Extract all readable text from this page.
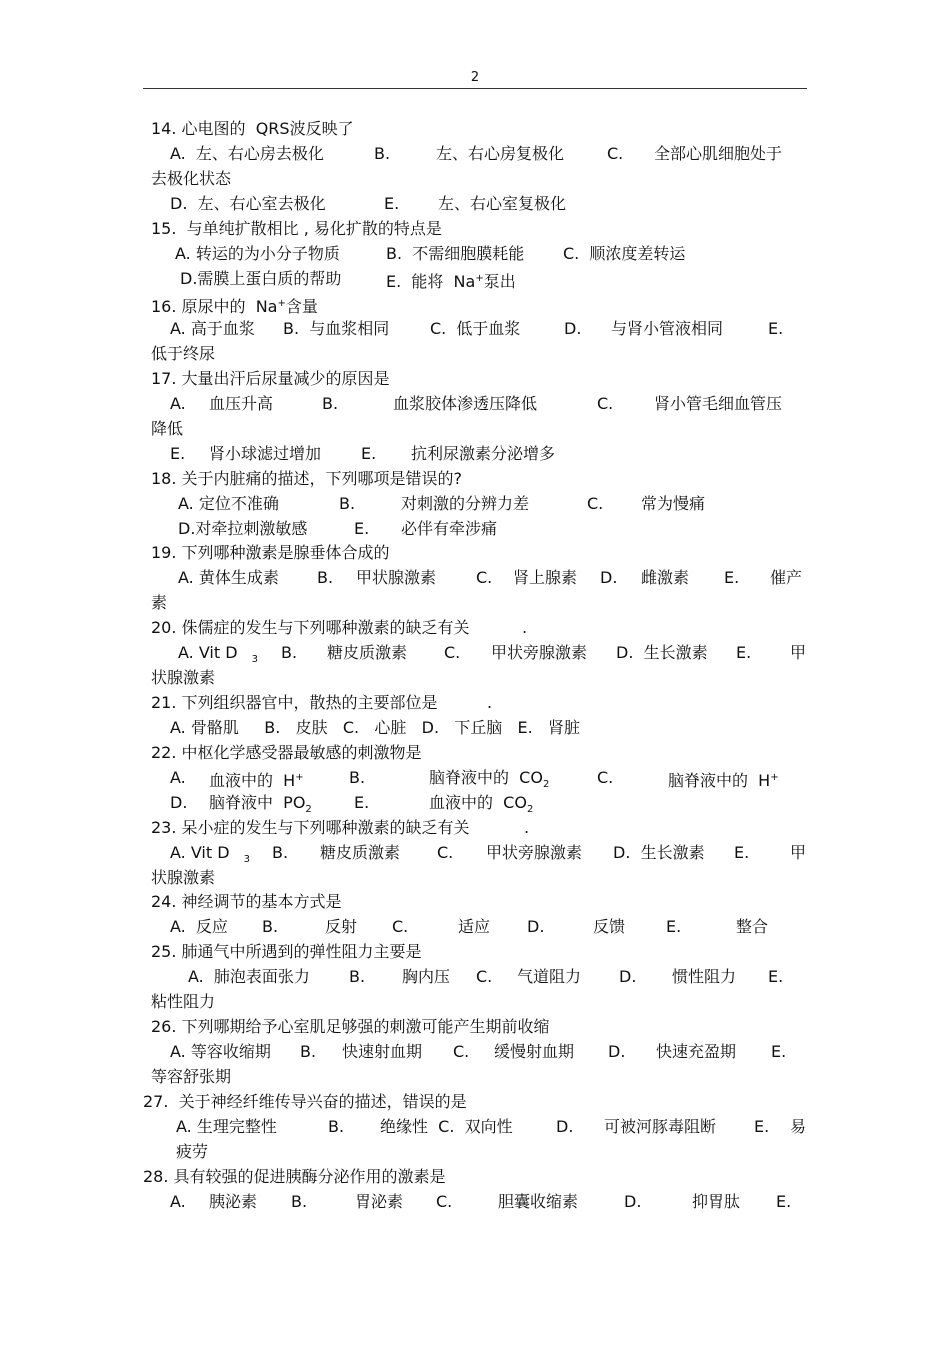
2
14. 心电图的  QRS波反映了
A.  左、右心房去极化	B.	左、右心房复极化	C. 全部心肌细胞处于
去极化状态
D.  左、右心室去极化	E. 左、右心室复极化
15.  与单纯扩散相比 , 易化扩散的特点是
A. 转运的为小分子物质	B.  不需细胞膜耗能 C.  顺浓度差转运
D.需膜上蛋白质的帮助	E.  能将  Na+泵出
16. 原尿中的  Na+含量
A. 高于血浆 B.  与血浆相同	C.  低于血浆	D. 与肾小管液相同	E.
低于终尿
17. 大量出汗后尿量减少的原因是
A. 血压升高	B.	血浆胶体渗透压降低	C.	肾小管毛细血管压
降低
E. 肾小球滤过增加 E. 抗利尿激素分泌增多
18. 关于内脏痛的描述，下列哪项是错误的?
A. 定位不准确	B.	对刺激的分辨力差	C. 常为慢痛
D.对牵拉刺激敏感	E. 必伴有牵涉痛
19. 下列哪种激素是腺垂体合成的
A. 黄体生成素 B. 甲状腺激素 C. 肾上腺素 D. 雌激素 E. 催产
素
20. 侏儒症的发生与下列哪种激素的缺乏有关	.
A. Vit D $_3$ B. 糖皮质激素 C. 甲状旁腺激素 D.  生长激素 E. 甲
状腺激素
21. 下列组织器官中，散热的主要部位是	.
A. 骨骼肌     B.   皮肤   C.   心脏   D.   下丘脑   E.   肾脏
22. 中枢化学感受器最敏感的刺激物是
A. 血液中的  H+	B.	脑脊液中的  $CO_2$	C.	脑脊液中的  H+
D. 脑脊液中  $PO_2$	E.	血液中的  $CO_2$
23. 呆小症的发生与下列哪种激素的缺乏有关	.
A. Vit D $_3$ B. 糖皮质激素 C. 甲状旁腺激素 D.  生长激素 E.	甲
状腺激素
24. 神经调节的基本方式是
A.  反应 B.	反射 C.	适应 D.	反馈	E.	整合
25. 肺通气中所遇到的弹性阻力主要是
A.  肺泡表面张力 B. 胸内压 C. 气道阻力 D. 惯性阻力 E.
粘性阻力
26. 下列哪期给予心室肌足够强的刺激可能产生期前收缩
A. 等容收缩期 B. 快速射血期 C. 缓慢射血期 D. 快速充盈期 E.
等容舒张期
27.  关于神经纤维传导兴奋的描述，错误的是
A. 生理完整性	B. 绝缘性  C.  双向性	D. 可被河豚毒阻断 E. 易
疲劳
28. 具有较强的促进胰酶分泌作用的激素是
A. 胰泌素 B.	胃泌素 C.	胆囊收缩素	D.	抑胃肽 E.
